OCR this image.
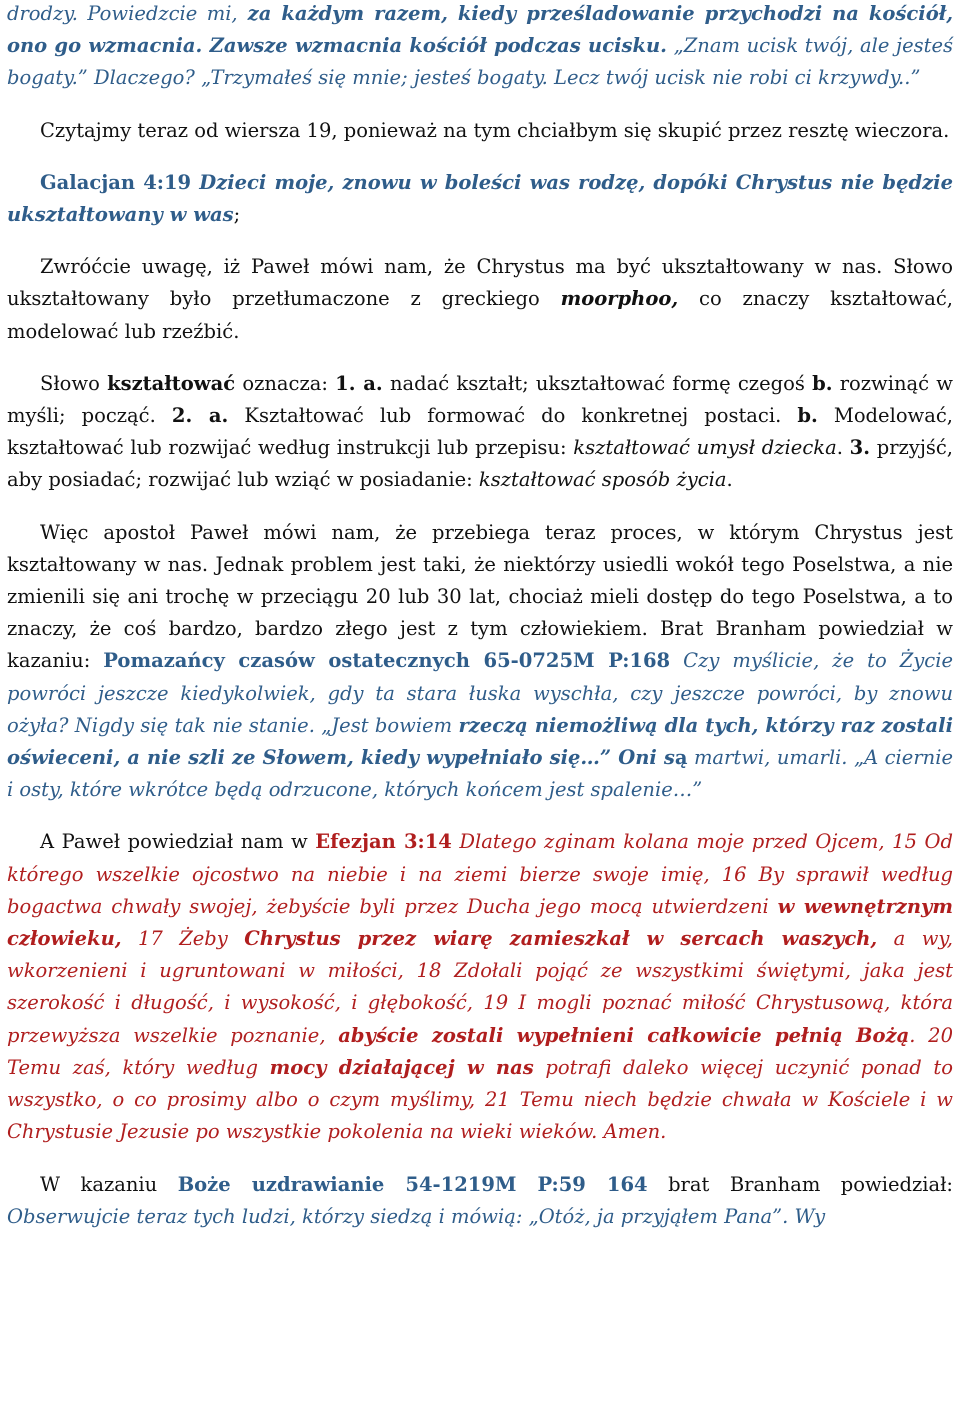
drodzy. Powiedzcie mi, za każdym razem, kiedy prześladowanie przychodzi na kościół, ono go wzmacnia. Zawsze wzmacnia kościół podczas ucisku. „Znam ucisk twój, ale jesteś bogaty.” Dlaczego? „Trzymałeś się mnie; jesteś bogaty. Lecz twój ucisk nie robi ci krzywdy..”

Czytajmy teraz od wiersza 19, ponieważ na tym chciałbym się skupić przez resztę wieczora.

Galacjan 4:19 Dzieci moje, znowu w boleści was rodzę, dopóki Chrystus nie będzie ukształtowany w was;

Zwróćcie uwagę, iż Paweł mówi nam, że Chrystus ma być ukształtowany w nas. Słowo ukształtowany było przetłumaczone z greckiego moorphoo, co znaczy kształtować, modelować lub rzeźbić.

Słowo kształtować oznacza: 1. a. nadać kształt; ukształtować formę czegoś b. rozwinąć w myśli; począć. 2. a. Kształtować lub formować do konkretnej postaci. b. Modelować, kształtować lub rozwijać według instrukcji lub przepisu: kształtować umysł dziecka. 3. przyjść, aby posiadać; rozwijać lub wziąć w posiadanie: kształtować sposób życia.

Więc apostoł Paweł mówi nam, że przebiega teraz proces, w którym Chrystus jest kształtowany w nas. Jednak problem jest taki, że niektórzy usiedli wokół tego Poselstwa, a nie zmienili się ani trochę w przeciągu 20 lub 30 lat, chociaż mieli dostęp do tego Poselstwa, a to znaczy, że coś bardzo, bardzo złego jest z tym człowiekiem. Brat Branham powiedział w kazaniu: Pomazańcy czasów ostatecznych 65-0725M P:168 Czy myślicie, że to Życie powróci jeszcze kiedykolwiek, gdy ta stara łuska wyschła, czy jeszcze powróci, by znowu ożyła? Nigdy się tak nie stanie. „Jest bowiem rzeczą niemożliwą dla tych, którzy raz zostali oświeceni, a nie szli ze Słowem, kiedy wypełniało się…” Oni są martwi, umarli. „A ciernie i osty, które wkrótce będą odrzucone, których końcem jest spalenie…”

A Paweł powiedział nam w Efezjan 3:14 Dlatego zginam kolana moje przed Ojcem, 15 Od którego wszelkie ojcostwo na niebie i na ziemi bierze swoje imię, 16 By sprawił według bogactwa chwały swojej, żebyście byli przez Ducha jego mocą utwierdzeni w wewnętrznym człowieku, 17 Żeby Chrystus przez wiarę zamieszkał w sercach waszych, a wy, wkorzenieni i ugruntowani w miłości, 18 Zdołali pojąć ze wszystkimi świętymi, jaka jest szerokość i długość, i wysokość, i głębokość, 19 I mogli poznać miłość Chrystusową, która przewyższa wszelkie poznanie, abyście zostali wypełnieni całkowicie pełnią Bożą. 20 Temu zaś, który według mocy działającej w nas potrafi daleko więcej uczynić ponad to wszystko, o co prosimy albo o czym myślimy, 21 Temu niech będzie chwała w Kościele i w Chrystusie Jezusie po wszystkie pokolenia na wieki wieków. Amen.

W kazaniu Boże uzdrawianie 54-1219M P:59 164 brat Branham powiedział: Obserwujcie teraz tych ludzi, którzy siedzą i mówią: „Otóż, ja przyjąłem Pana”. Wy
